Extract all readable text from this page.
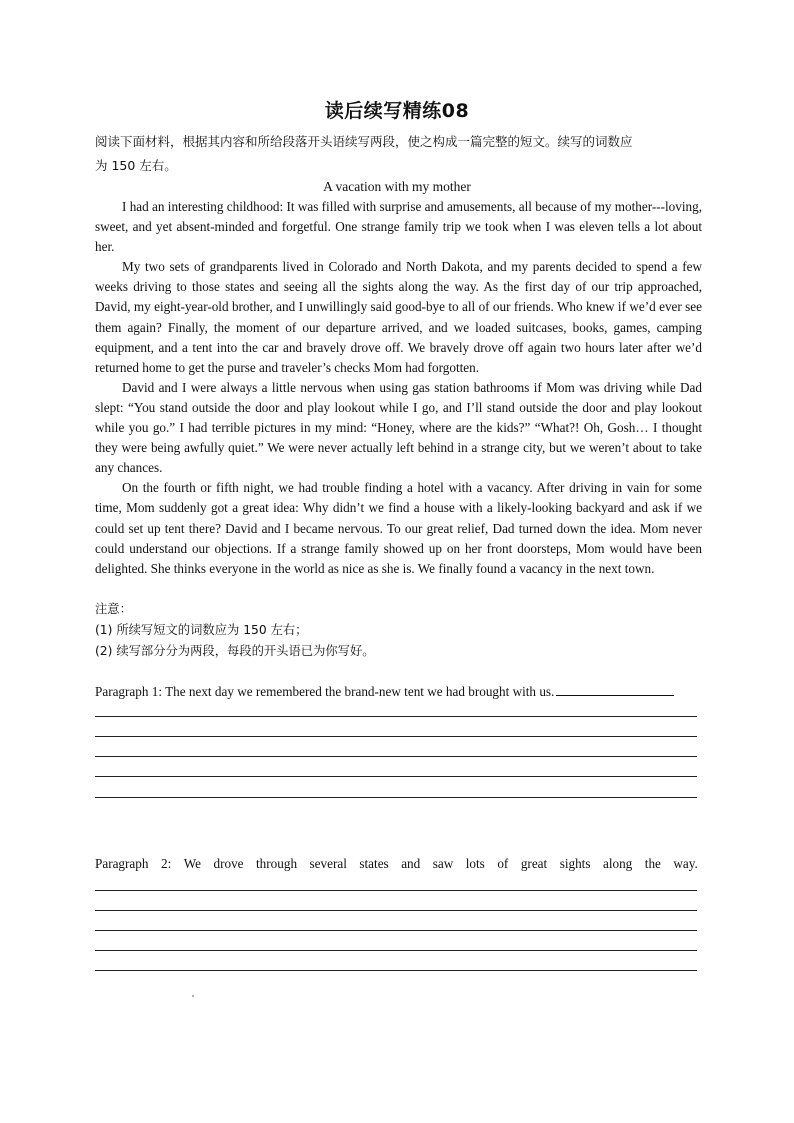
读后续写精练08
阅读下面材料，根据其内容和所给段落开头语续写两段，使之构成一篇完整的短文。续写的词数应
为 150 左右。
A vacation with my mother

I had an interesting childhood: It was filled with surprise and amusements, all because of my mother---loving, sweet, and yet absent-minded and forgetful. One strange family trip we took when I was eleven tells a lot about her.

My two sets of grandparents lived in Colorado and North Dakota, and my parents decided to spend a few weeks driving to those states and seeing all the sights along the way. As the first day of our trip approached, David, my eight-year-old brother, and I unwillingly said good-bye to all of our friends. Who knew if we’d ever see them again? Finally, the moment of our departure arrived, and we loaded suitcases, books, games, camping equipment, and a tent into the car and bravely drove off. We bravely drove off again two hours later after we’d returned home to get the purse and traveler’s checks Mom had forgotten.

David and I were always a little nervous when using gas station bathrooms if Mom was driving while Dad slept: “You stand outside the door and play lookout while I go, and I’ll stand outside the door and play lookout while you go.” I had terrible pictures in my mind: “Honey, where are the kids?” “What?! Oh, Gosh… I thought they were being awfully quiet.” We were never actually left behind in a strange city, but we weren’t about to take any chances.

On the fourth or fifth night, we had trouble finding a hotel with a vacancy. After driving in vain for some time, Mom suddenly got a great idea: Why didn’t we find a house with a likely-looking backyard and ask if we could set up tent there? David and I became nervous. To our great relief, Dad turned down the idea. Mom never could understand our objections. If a strange family showed up on her front doorsteps, Mom would have been delighted. She thinks everyone in the world as nice as she is. We finally found a vacancy in the next town.

注意：
(1) 所续写短文的词数应为 150 左右；
(2) 续写部分分为两段，每段的开头语已为你写好。
Paragraph 1: The next day we remembered the brand-new tent we had brought with us.
Paragraph 2: We drove through several states and saw lots of great sights along the way.
